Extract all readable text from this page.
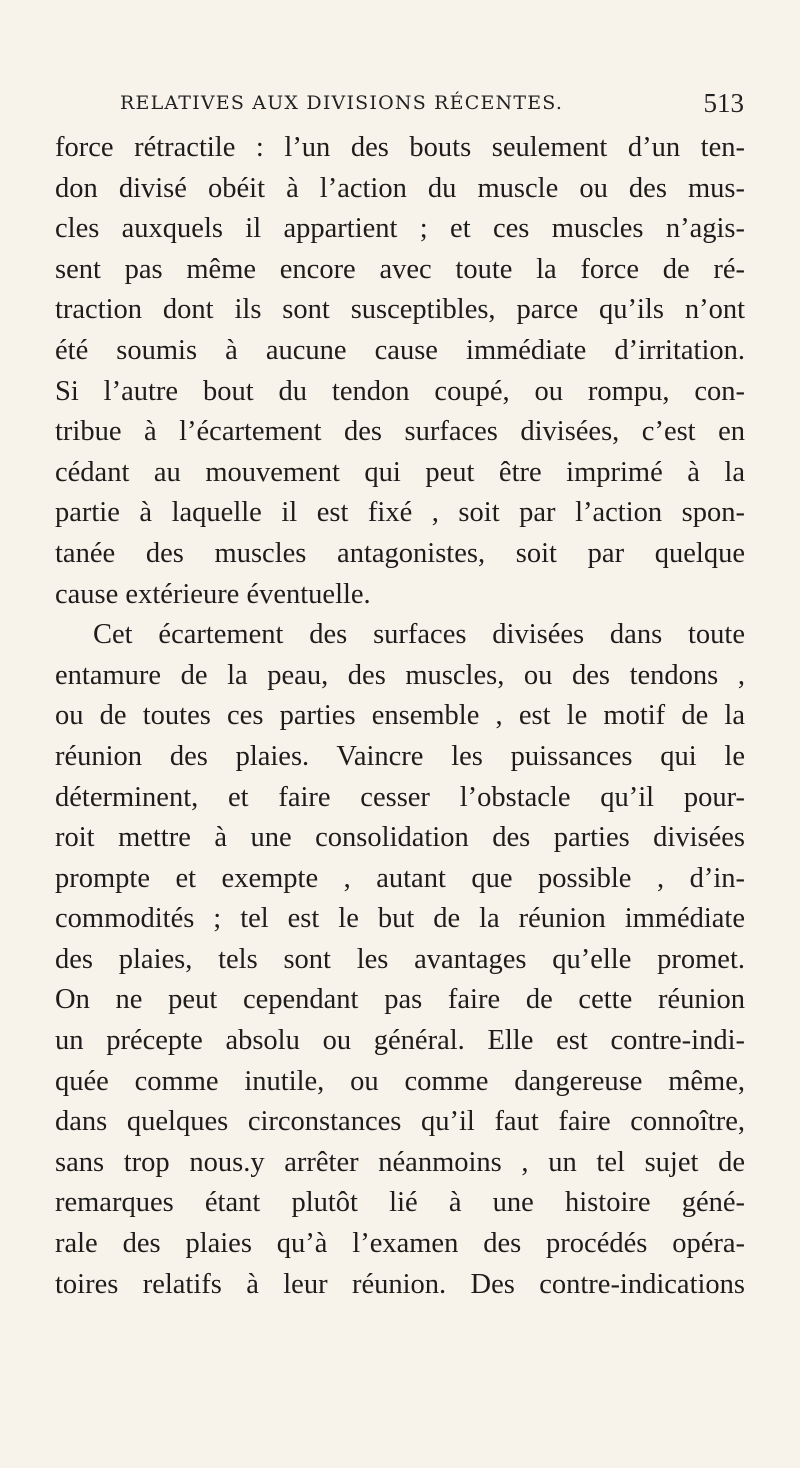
RELATIVES AUX DIVISIONS RÉCENTES.	513
force rétractile : l’un des bouts seulement d’un ten-
don divisé obéit à l’action du muscle ou des mus-
cles auxquels il appartient ; et ces muscles n’agis-
sent pas même encore avec toute la force de ré-
traction dont ils sont susceptibles, parce qu’ils n’ont
été soumis à aucune cause immédiate d’irritation.
Si l’autre bout du tendon coupé, ou rompu, con-
tribue à l’écartement des surfaces divisées, c’est en
cédant au mouvement qui peut être imprimé à la
partie à laquelle il est fixé , soit par l’action spon-
tanée des muscles antagonistes, soit par quelque
cause extérieure éventuelle.
Cet écartement des surfaces divisées dans toute
entamure de la peau, des muscles, ou des tendons ,
ou de toutes ces parties ensemble , est le motif de la
réunion des plaies. Vaincre les puissances qui le
déterminent, et faire cesser l’obstacle qu’il pour-
roit mettre à une consolidation des parties divisées
prompte et exempte , autant que possible , d’in-
commodités ; tel est le but de la réunion immédiate
des plaies, tels sont les avantages qu’elle promet.
On ne peut cependant pas faire de cette réunion
un précepte absolu ou général. Elle est contre-indi-
quée comme inutile, ou comme dangereuse même,
dans quelques circonstances qu’il faut faire connoître,
sans trop nous.y arrêter néanmoins , un tel sujet de
remarques étant plutôt lié à une histoire géné-
rale des plaies qu’à l’examen des procédés opéra-
toires relatifs à leur réunion. Des contre-indications
